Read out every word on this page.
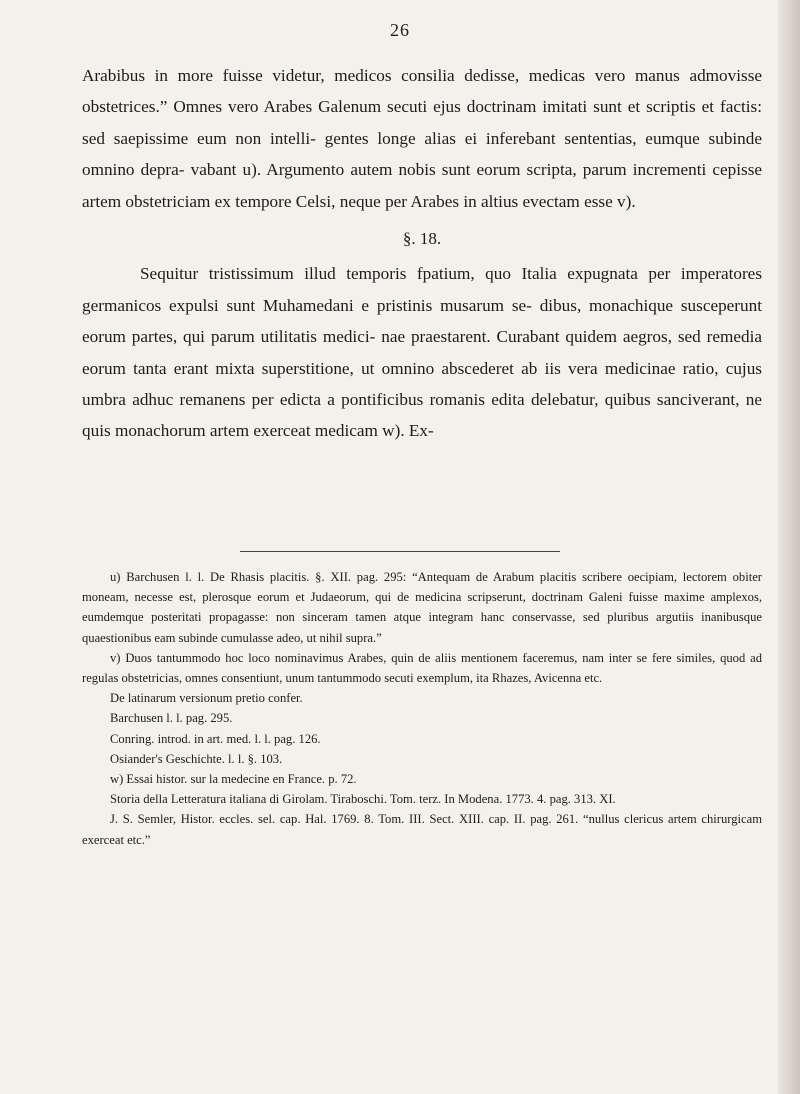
26

Arabibus in more fuisse videtur, medicos consilia dedisse, medicas vero manus admovisse obstetrices.” Omnes vero Arabes Galenum secuti ejus doctrinam imitati sunt et scriptis et factis: sed saepissime eum non intelli- gentes longe alias ei inferebant sententias, eumque subinde omnino depra- vabant u). Argumento autem nobis sunt eorum scripta, parum incrementi cepisse artem obstetriciam ex tempore Celsi, neque per Arabes in altius evectam esse v).

§. 18.

Sequitur tristissimum illud temporis fpatium, quo Italia expugnata per imperatores germanicos expulsi sunt Muhamedani e pristinis musarum se- dibus, monachique susceperunt eorum partes, qui parum utilitatis medici- nae praestarent. Curabant quidem aegros, sed remedia eorum tanta erant mixta superstitione, ut omnino abscederet ab iis vera medicinae ratio, cujus umbra adhuc remanens per edicta a pontificibus romanis edita delebatur, quibus sanciverant, ne quis monachorum artem exerceat medicam w). Ex-

u) Barchusen l. l. De Rhasis placitis. §. XII. pag. 295: “Antequam de Arabum placitis scribere oecipiam, lectorem obiter moneam, necesse est, plerosque eorum et Judaeorum, qui de medicina scripserunt, doctrinam Galeni fuisse maxime amplexos, eumdemque posteritati propagasse: non sinceram tamen atque integram hanc conservasse, sed pluribus argutiis inanibusque quaestionibus eam subinde cumulasse adeo, ut nihil supra.”

v) Duos tantummodo hoc loco nominavimus Arabes, quin de aliis mentionem faceremus, nam inter se fere similes, quod ad regulas obstetricias, omnes consentiunt, unum tantummodo secuti exemplum, ita Rhazes, Avicenna etc.

De latinarum versionum pretio confer.

Barchusen l. l. pag. 295.

Conring. introd. in art. med. l. l. pag. 126.

Osiander's Geschichte. l. l. §. 103.

w) Essai histor. sur la medecine en France. p. 72.

Storia della Letteratura italiana di Girolam. Tiraboschi. Tom. terz. In Modena. 1773. 4. pag. 313. XI.

J. S. Semler, Histor. eccles. sel. cap. Hal. 1769. 8. Tom. III. Sect. XIII. cap. II. pag. 261. “nullus clericus artem chirurgicam exerceat etc.”
